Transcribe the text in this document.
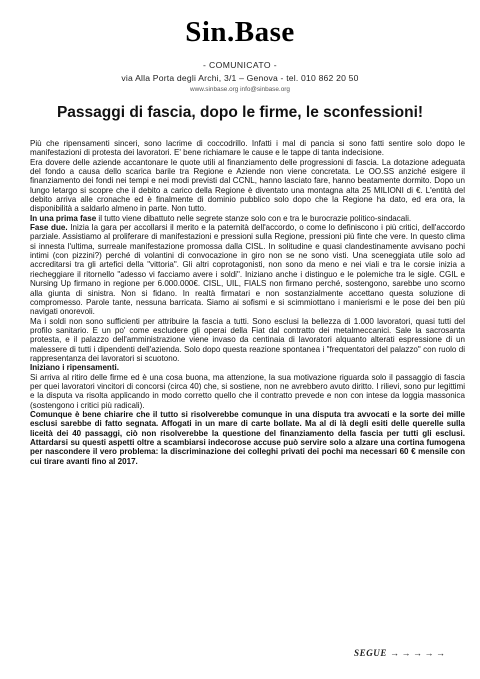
Sin.Base
- COMUNICATO -
via Alla Porta degli Archi, 3/1 – Genova - tel. 010 862 20 50
www.sinbase.org info@sinbase.org
Passaggi di fascia, dopo le firme, le sconfessioni!

Più che ripensamenti sinceri, sono lacrime di coccodrillo. Infatti i mal di pancia si sono fatti sentire solo dopo le manifestazioni di protesta dei lavoratori. E' bene richiamare le cause e le tappe di tanta indecisione.

Era dovere delle aziende accantonare le quote utili al finanziamento delle progressioni di fascia. La dotazione adeguata del fondo a causa dello scarica barile tra Regione e Aziende non viene concretata. Le OO.SS anziché esigere il finanziamento dei fondi nei tempi e nei modi previsti dal CCNL, hanno lasciato fare, hanno beatamente dormito. Dopo un lungo letargo si scopre che il debito a carico della Regione è diventato una montagna alta 25 MILIONI di €. L'entità del debito arriva alle cronache ed è finalmente di dominio pubblico solo dopo che la Regione ha dato, ed era ora, la disponibilità a saldarlo almeno in parte. Non tutto.

In una prima fase il tutto viene dibattuto nelle segrete stanze solo con e tra le burocrazie politico-sindacali.

Fase due. Inizia la gara per accollarsi il merito e la paternità dell'accordo, o come lo definiscono i più critici, dell'accordo parziale. Assistiamo al proliferare di manifestazioni e pressioni sulla Regione, pressioni più finte che vere. In questo clima si innesta l'ultima, surreale manifestazione promossa dalla CISL. In solitudine e quasi clandestinamente avvisano pochi intimi (con pizzini?) perché di volantini di convocazione in giro non se ne sono visti. Una sceneggiata utile solo ad accreditarsi tra gli artefici della "vittoria". Gli altri coprotagonisti, non sono da meno e nei viali e tra le corsie inizia a riecheggiare il ritornello "adesso vi facciamo avere i soldi". Iniziano anche i distinguo e le polemiche tra le sigle. CGIL e Nursing Up firmano in regione per 6.000.000€. CISL, UIL, FIALS non firmano perché, sostengono, sarebbe uno scorno alla giunta di sinistra. Non si fidano. In realtà firmatari e non sostanzialmente accettano questa soluzione di compromesso. Parole tante, nessuna barricata. Siamo ai sofismi e si scimmiottano i manierismi e le pose dei ben più navigati onorevoli.

Ma i soldi non sono sufficienti per attribuire la fascia a tutti. Sono esclusi la bellezza di 1.000 lavoratori, quasi tutti del profilo sanitario. E un po' come escludere gli operai della Fiat dal contratto dei metalmeccanici. Sale la sacrosanta protesta, e il palazzo dell'amministrazione viene invaso da centinaia di lavoratori alquanto alterati espressione di un malessere di tutti i dipendenti dell'azienda. Solo dopo questa reazione spontanea i "frequentatori del palazzo" con ruolo di rappresentanza dei lavoratori si scuotono.

Iniziano i ripensamenti.

Si arriva al ritiro delle firme ed è una cosa buona, ma attenzione, la sua motivazione riguarda solo il passaggio di fascia per quei lavoratori vincitori di concorsi (circa 40) che, si sostiene, non ne avrebbero avuto diritto. I rilievi, sono pur legittimi e la disputa va risolta applicando in modo corretto quello che il contratto prevede e non con intese da loggia massonica (sostengono i critici più radicali).

Comunque è bene chiarire che il tutto si risolverebbe comunque in una disputa tra avvocati e la sorte dei mille esclusi sarebbe di fatto segnata. Affogati in un mare di carte bollate. Ma al di là degli esiti delle querelle sulla liceità dei 40 passaggi, ciò non risolverebbe la questione del finanziamento della fascia per tutti gli esclusi. Attardarsi su questi aspetti oltre a scambiarsi indecorose accuse può servire solo a alzare una cortina fumogena per nascondere il vero problema: la discriminazione dei colleghi privati dei pochi ma necessari 60 € mensile con cui tirare avanti fino al 2017.

SEGUE → → → → →
